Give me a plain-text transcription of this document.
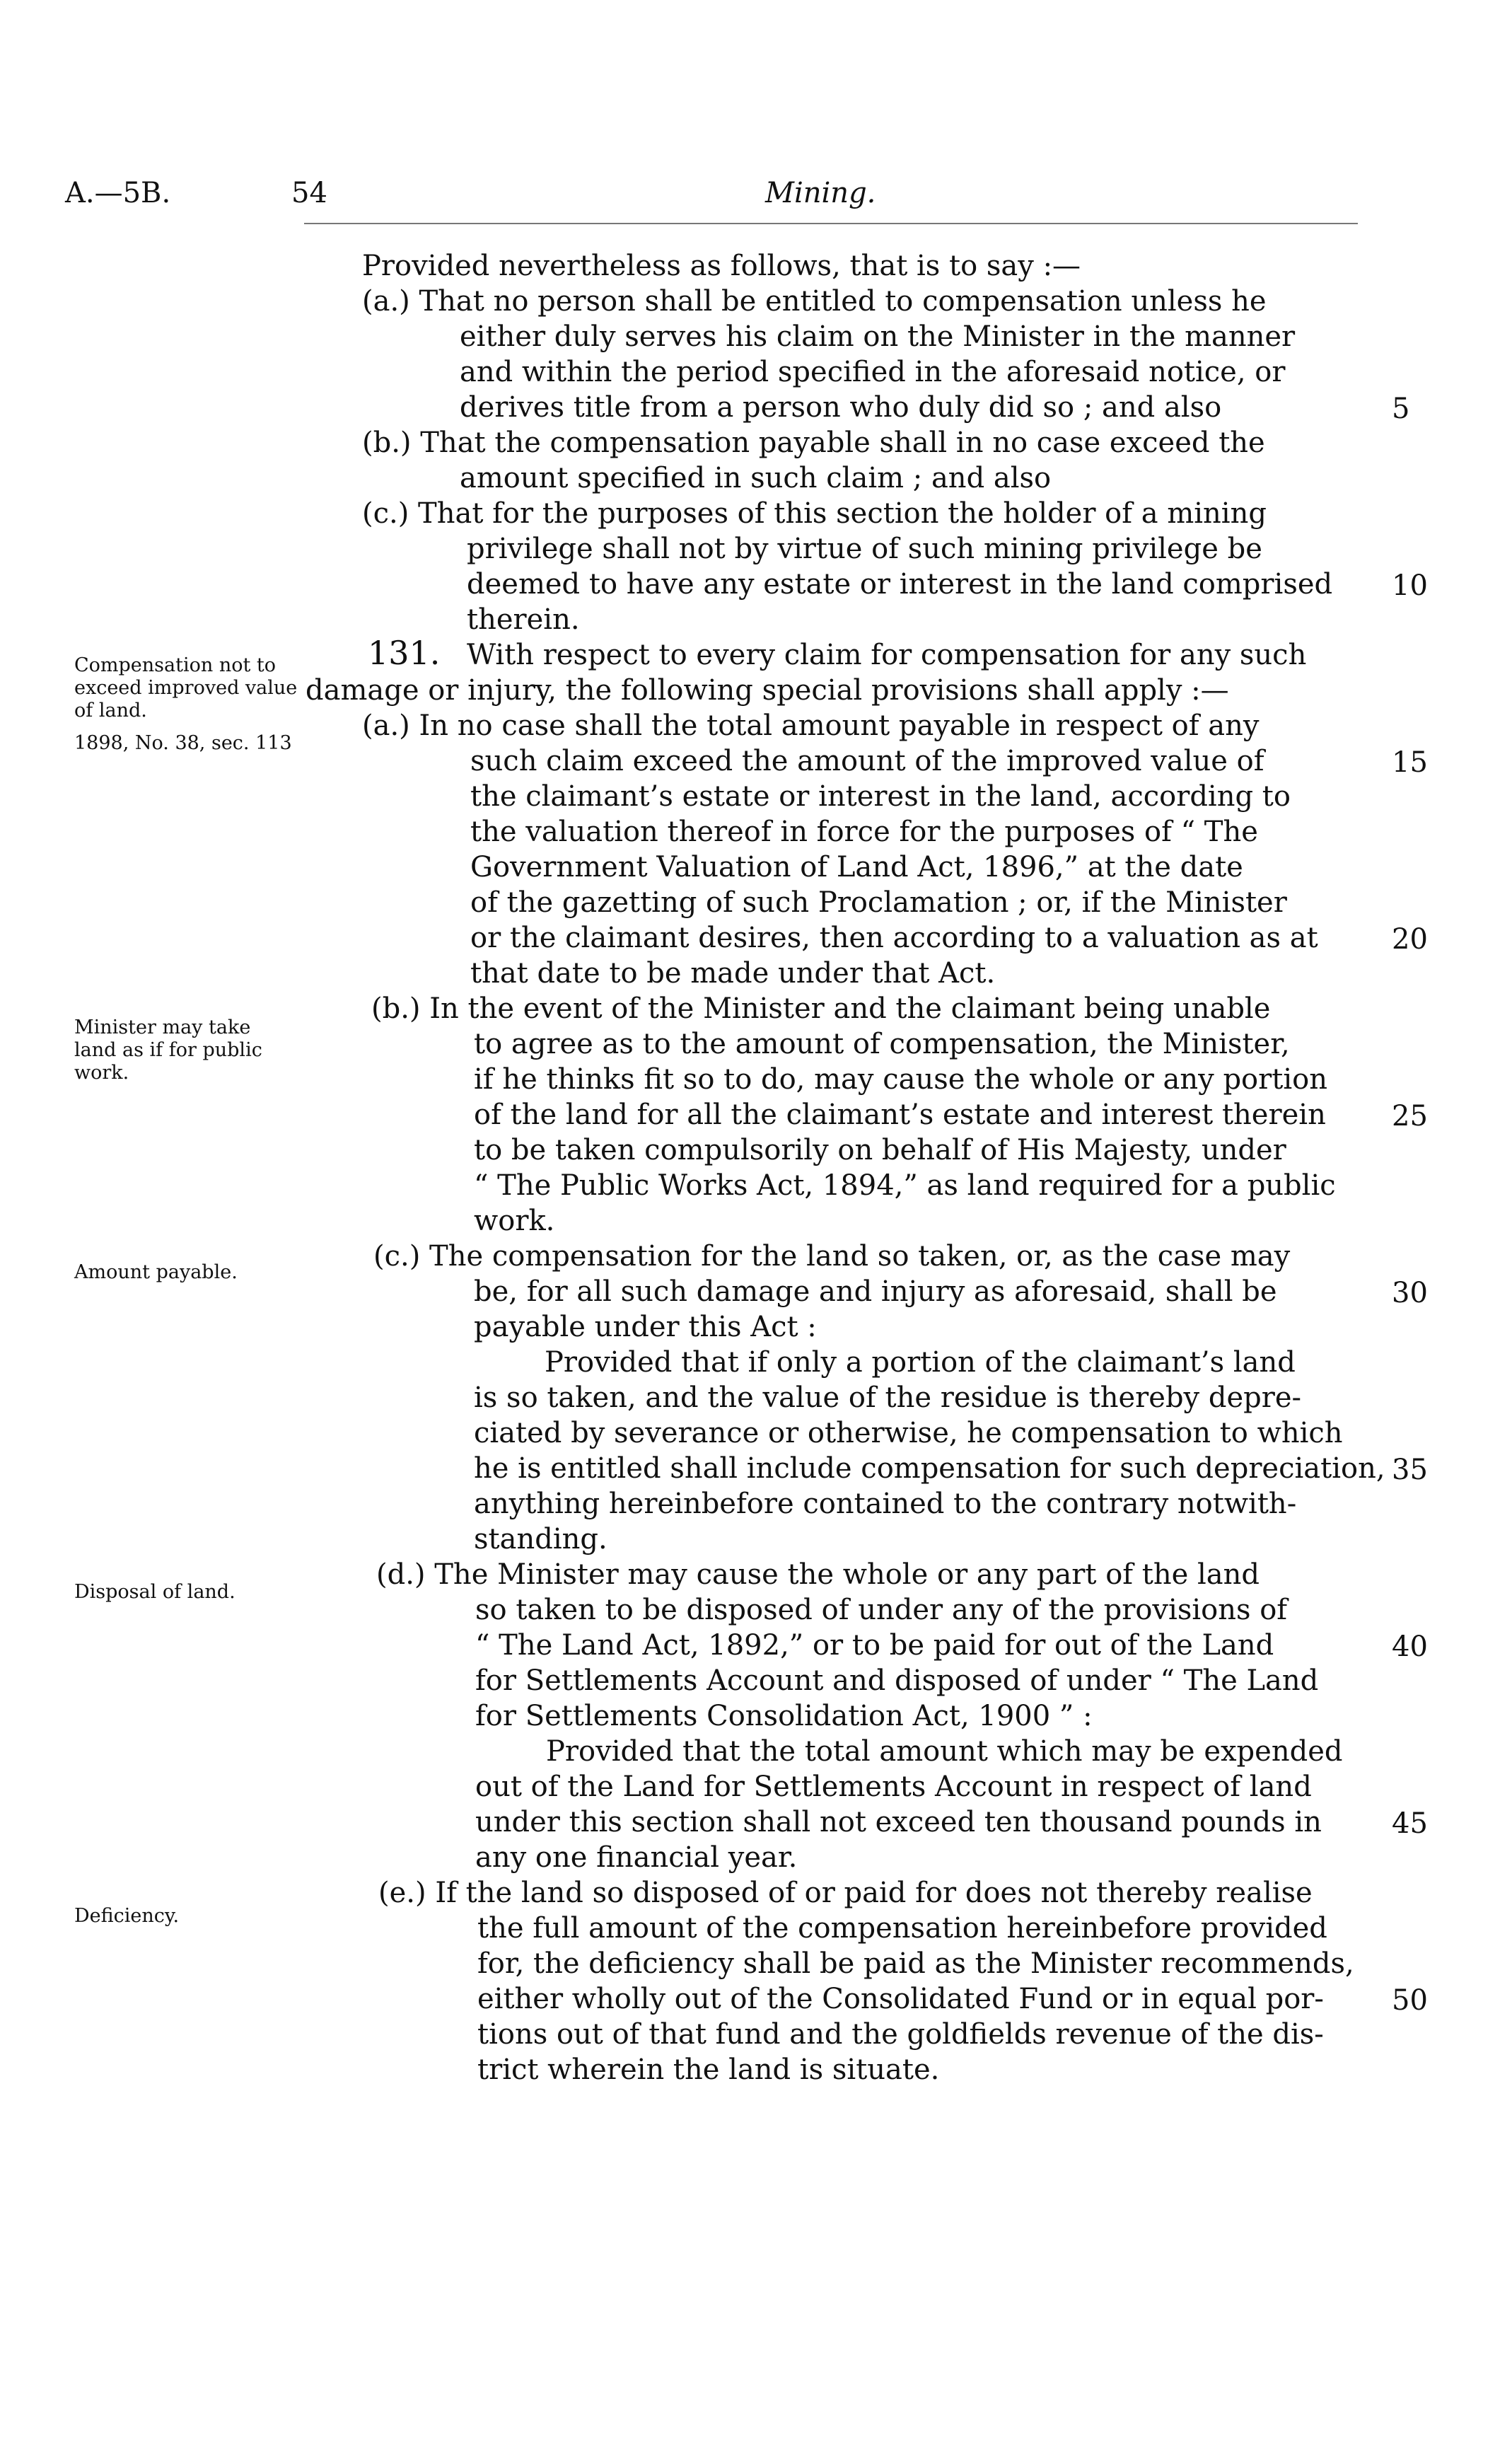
A.—5B.	54	Mining.
Provided nevertheless as follows, that is to say :—
(a.) That no person shall be entitled to compensation unless he
either duly serves his claim on the Minister in the manner
and within the period specified in the aforesaid notice, or
derives title from a person who duly did so ; and also
(b.) That the compensation payable shall in no case exceed the
amount specified in such claim ; and also
(c.) That for the purposes of this section the holder of a mining
privilege shall not by virtue of such mining privilege be
deemed to have any estate or interest in the land comprised
therein.
131. With respect to every claim for compensation for any such
damage or injury, the following special provisions shall apply :—
(a.) In no case shall the total amount payable in respect of any
such claim exceed the amount of the improved value of
the claimant’s estate or interest in the land, according to
the valuation thereof in force for the purposes of “ The
Government Valuation of Land Act, 1896,” at the date
of the gazetting of such Proclamation ; or, if the Minister
or the claimant desires, then according to a valuation as at
that date to be made under that Act.
(b.) In the event of the Minister and the claimant being unable
to agree as to the amount of compensation, the Minister,
if he thinks fit so to do, may cause the whole or any portion
of the land for all the claimant’s estate and interest therein
to be taken compulsorily on behalf of His Majesty, under
“ The Public Works Act, 1894,” as land required for a public
work.
(c.) The compensation for the land so taken, or, as the case may
be, for all such damage and injury as aforesaid, shall be
payable under this Act :
Provided that if only a portion of the claimant’s land
is so taken, and the value of the residue is thereby depre-
ciated by severance or otherwise, he compensation to which
he is entitled shall include compensation for such depreciation,
anything hereinbefore contained to the contrary notwith-
standing.
(d.) The Minister may cause the whole or any part of the land
so taken to be disposed of under any of the provisions of
“ The Land Act, 1892,” or to be paid for out of the Land
for Settlements Account and disposed of under “ The Land
for Settlements Consolidation Act, 1900 ” :
Provided that the total amount which may be expended
out of the Land for Settlements Account in respect of land
under this section shall not exceed ten thousand pounds in
any one financial year.
(e.) If the land so disposed of or paid for does not thereby realise
the full amount of the compensation hereinbefore provided
for, the deficiency shall be paid as the Minister recommends,
either wholly out of the Consolidated Fund or in equal por-
tions out of that fund and the goldfields revenue of the dis-
trict wherein the land is situate.
Compensation not to exceed improved value of land.
1898, No. 38, sec. 113
Minister may take land as if for public work.
Amount payable.
Disposal of land.
Deficiency.
5
10
15
20
25
30
35
40
45
50
